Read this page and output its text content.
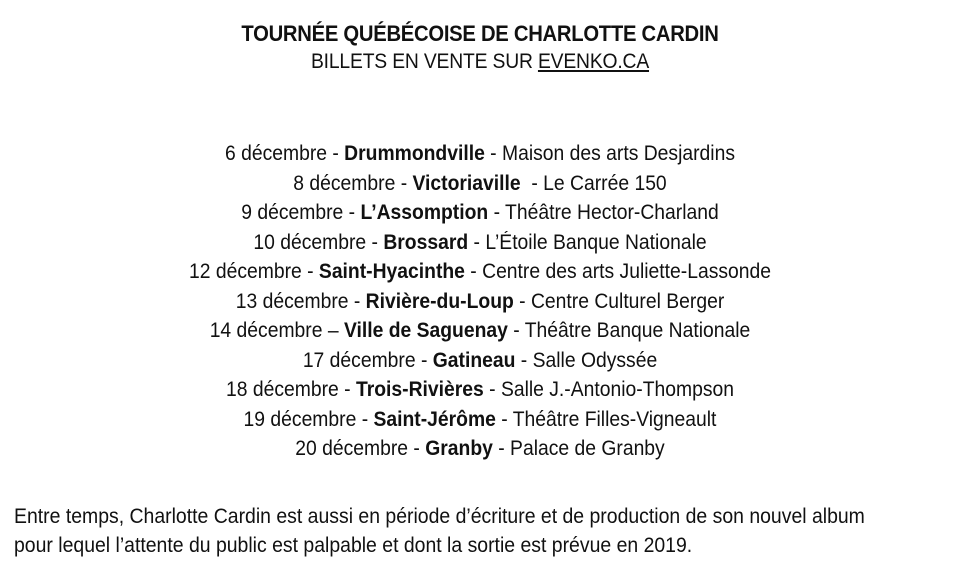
TOURNÉE QUÉBÉCOISE DE CHARLOTTE CARDIN
BILLETS EN VENTE SUR EVENKO.CA
6 décembre - Drummondville - Maison des arts Desjardins
8 décembre - Victoriaville  - Le Carrée 150
9 décembre - L’Assomption - Théâtre Hector-Charland
10 décembre - Brossard - L’Étoile Banque Nationale
12 décembre - Saint-Hyacinthe - Centre des arts Juliette-Lassonde
13 décembre - Rivière-du-Loup - Centre Culturel Berger
14 décembre – Ville de Saguenay - Théâtre Banque Nationale
17 décembre - Gatineau - Salle Odyssée
18 décembre - Trois-Rivières - Salle J.-Antonio-Thompson
19 décembre - Saint-Jérôme - Théâtre Filles-Vigneault
20 décembre - Granby - Palace de Granby
Entre temps, Charlotte Cardin est aussi en période d’écriture et de production de son nouvel album
pour lequel l’attente du public est palpable et dont la sortie est prévue en 2019.
